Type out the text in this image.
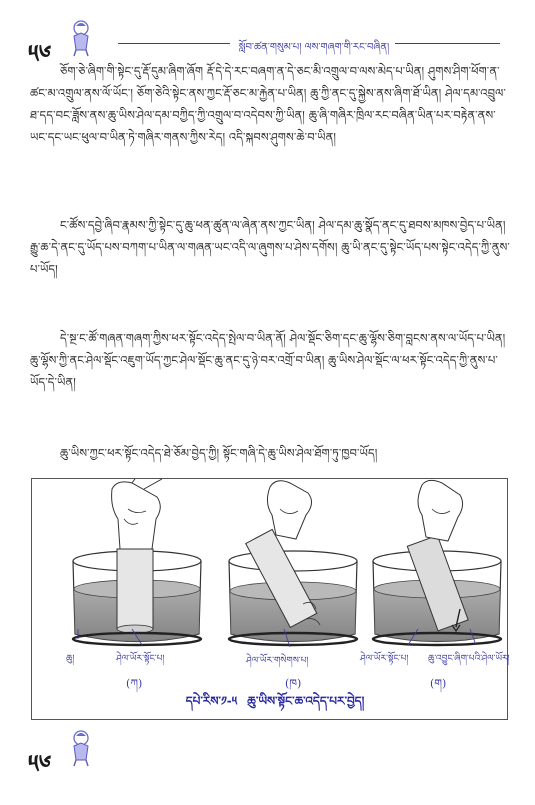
༥༦	སློབ་ཚན་གསུམ་པ། ལས་གཞག་གི་རང་བཞིན།
ཅོག་ཅེ་ཞིག་གི་སྟེང་དུ་རྡོ་དུམ་ཞིག་ཞོག རྡོ་དེ་དེ་རང་བཞག་ན་དེ་ཅང་མི་འགྲུལ་བ་ལས་མེད་པ་ཡིན། ཤུགས་ཤིག་ཕོག་ན་ཚང་མ་འགྲུལ་ནས་ལོ་ཡོང་། ཅོག་ཅེའི་སྟེང་ནས་ཀྱང་རྡོ་ཅང་མ་རྐྱེན་པ་ཡིན། ཆུ་ཀྱི་ནང་དུ་སྐྱེས་ནས་ཞིག་ཐོ་ཡིན། ཤེལ་དམ་འབྲུལ་ཐ་དད་བང་ཟློས་ནས་ཆུ་ཡིས་ཤེལ་དམ་བཀྱིད་ཀྱི་འགྲུལ་བ་འདེབས་ཀྱི་ཡིན། ཆུ་ཞི་གཞིར་ཁྲིལ་རང་བཞིན་ཡིན་པར་བརྟེན་ནས་ཡང་དང་ཡང་ཕུལ་བ་ཡིན་ཏེ་གཞིར་གནས་ཀྱིས་རེད། འདི་སྐབས་ཤུགས་ཆེ་བ་ཡིན།
ང་ཚོས་དབྱེ་ཞིབ་རྣམས་ཀྱི་སྟེང་དུ་ཆུ་ཕན་ཚུན་ལ་ཞེན་ནས་ཀྱང་ཡིན། ཤེལ་དམ་ཆུ་སྣོད་ནང་དུ་ཐབས་མཁས་བྱེད་པ་ཡིན། རྒྱུ་ཆ་དེ་ནང་དུ་ཡོད་པས་བཀག་པ་ཡིན་ལ་གཞན་ཡང་འདི་ལ་ཞུགས་པ་ཤེས་དགོས། ཆུ་ཡི་ནང་དུ་སྟེང་ཡོད་པས་སྟེང་འདེད་ཀྱི་ནུས་པ་ཡོད།
དེ་སྔ་ང་ཚོ་གཞན་གཞག་ཀྱིས་ཕར་སྟོང་འདེད་སྤེལ་བ་ཡིན་ནོ། ཤེལ་སྡོང་ཅིག་དང་ཆུ་ལྷོས་ཅིག་བླངས་ནས་ལ་ཡོད་པ་ཡིན། ཆུ་ལྷོས་ཀྱི་ནང་ཤེལ་སྡོང་འཇུག་ཡོད་ཀྱང་ཤེལ་སྡོང་ཆུ་ནང་དུ་ཉེ་བར་འགྲོ་བ་ཡིན། ཆུ་ཡིས་ཤེལ་སྡོང་ལ་ཕར་སྟོང་འདེད་ཀྱི་ནུས་པ་ཡོད་དེ་ཡིན།
ཆུ་ཡིས་ཀྱང་ཕར་སྟོང་འདེད་ཐེ་ཅོམ་བྱེད་ཀྱི། སྟོང་གཞི་དེ་ཆུ་ཡིས་ཤེལ་ཐོག་ཏུ་ཁྱབ་ཡོད།
ཆུ།	ཤེལ་ཡོར་སྟོང་པ།	ཤེལ་ཡོར་གསེགས་པ།	ཤེལ་ཡོར་སྟོང་པ། ཆུ་འབྱུང་ཞིག་པའི་ཤེལ་ཡོར།
(ཀ)	(ཁ)	(ག)
དཔེ་རིས་༡-༥ ཆུ་ཡིས་སྟོང་ཆ་འདེད་པར་བྱེད།
༥༦
